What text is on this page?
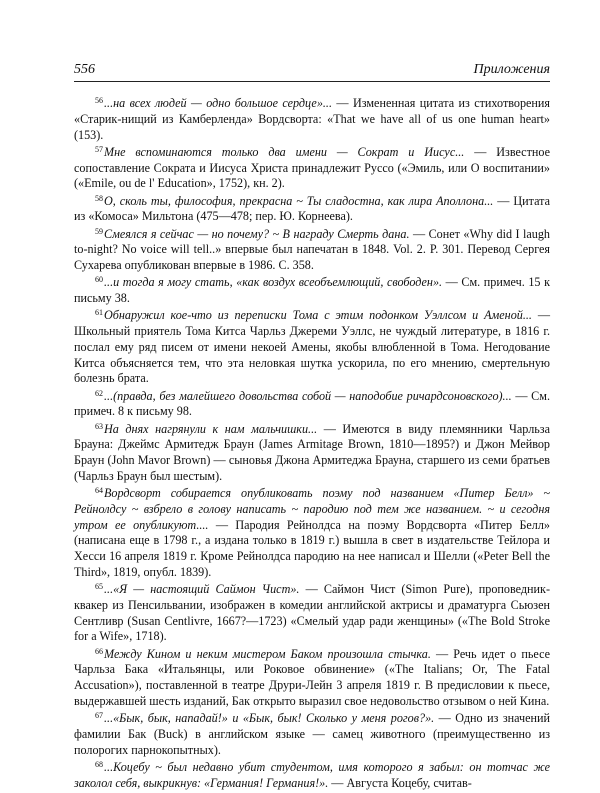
556	Приложения

$^{56}$...на всех людей — одно большое сердце»... — Измененная цитата из стихотворения «Старик-нищий из Камберленда» Вордсворта: «That we have all of us one human heart» (153).

$^{57}$Мне вспоминаются только два имени — Сократ и Иисус... — Известное сопоставление Сократа и Иисуса Христа принадлежит Руссо («Эмиль, или О воспитании» («Emile, ou de l' Education», 1752), кн. 2).

$^{58}$О, сколь ты, философия, прекрасна ~ Ты сладостна, как лира Аполлона... — Цитата из «Комоса» Мильтона (475—478; пер. Ю. Корнеева).

$^{59}$Смеялся я сейчас — но почему? ~ В награду Смерть дана. — Сонет «Why did I laugh to-night? No voice will tell..» впервые был напечатан в 1848. Vol. 2. P. 301. Перевод Сергея Сухарева опубликован впервые в 1986. С. 358.

$^{60}$...и тогда я могу стать, «как воздух всеобъемлющий, свободен». — См. примеч. 15 к письму 38.

$^{61}$Обнаружил кое-что из переписки Тома с этим подонком Уэллсом и Аменой... — Школьный приятель Тома Китса Чарльз Джереми Уэллс, не чуждый литературе, в 1816 г. послал ему ряд писем от имени некоей Амены, якобы влюбленной в Тома. Негодование Китса объясняется тем, что эта неловкая шутка ускорила, по его мнению, смертельную болезнь брата.

$^{62}$...(правда, без малейшего довольства собой — наподобие ричардсоновского)... — См. примеч. 8 к письму 98.

$^{63}$На днях нагрянули к нам мальчишки... — Имеются в виду племянники Чарльза Брауна: Джеймс Армитедж Браун (James Armitage Brown, 1810—1895?) и Джон Мейвор Браун (John Mavor Brown) — сыновья Джона Армитеджа Брауна, старшего из семи братьев (Чарльз Браун был шестым).

$^{64}$Вордсворт собирается опубликовать поэму под названием «Питер Белл» ~ Рейнолдсу ~ взбрело в голову написать ~ пародию под тем же названием. ~ и сегодня утром ее опубликуют.... — Пародия Рейнолдса на поэму Вордсворта «Питер Белл» (написана еще в 1798 г., а издана только в 1819 г.) вышла в свет в издательстве Тейлора и Хесси 16 апреля 1819 г. Кроме Рейнолдса пародию на нее написал и Шелли («Peter Bell the Third», 1819, опубл. 1839).

$^{65}$...«Я — настоящий Саймон Чист». — Саймон Чист (Simon Pure), проповедник-квакер из Пенсильвании, изображен в комедии английской актрисы и драматурга Сьюзен Сентливр (Susan Centlivre, 1667?—1723) «Смелый удар ради женщины» («The Bold Stroke for a Wife», 1718).

$^{66}$Между Кином и неким мистером Баком произошла стычка. — Речь идет о пьесе Чарльза Бака «Итальянцы, или Роковое обвинение» («The Italians; Or, The Fatal Accusation»), поставленной в театре Друри-Лейн 3 апреля 1819 г. В предисловии к пьесе, выдержавшей шесть изданий, Бак открыто выразил свое недовольство отзывом о ней Кина.

$^{67}$...«Бык, бык, нападай!» и «Бык, бык! Сколько у меня рогов?». — Одно из значений фамилии Бак (Buck) в английском языке — самец животного (преимущественно из полорогих парнокопытных).

$^{68}$...Коцебу ~ был недавно убит студентом, имя которого я забыл: он тотчас же заколол себя, выкрикнув: «Германия! Германия!». — Августа Коцебу, считав-
